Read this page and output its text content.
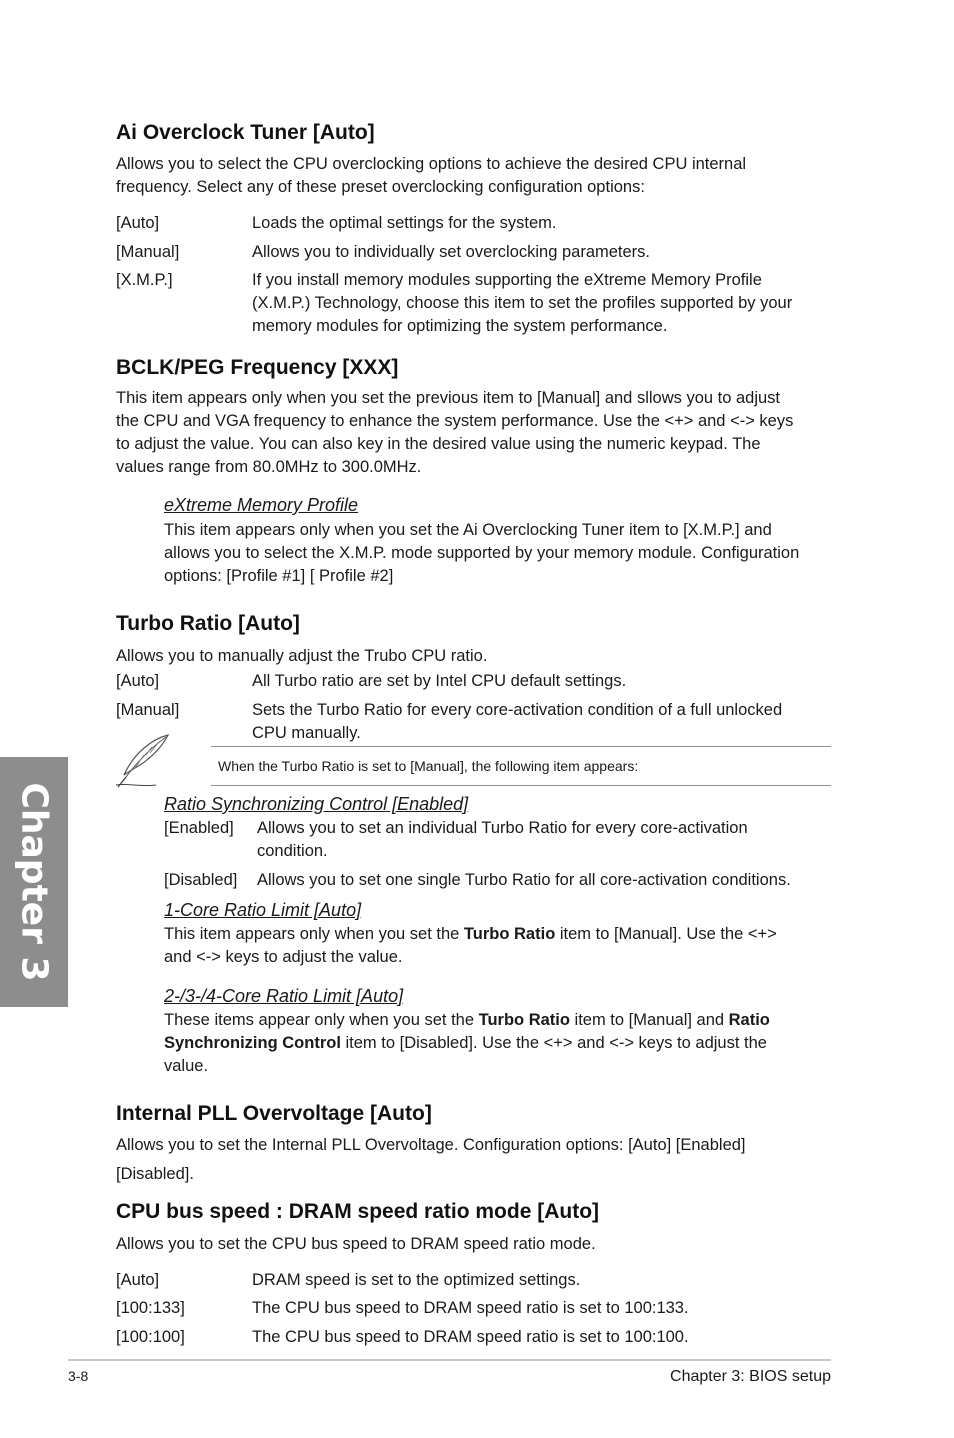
Ai Overclock Tuner [Auto]
Allows you to select the CPU overclocking options to achieve the desired CPU internal
frequency. Select any of these preset overclocking configuration options:
[Auto]	Loads the optimal settings for the system.
[Manual]	Allows you to individually set overclocking parameters.
[X.M.P.]	If you install memory modules supporting the eXtreme Memory Profile
(X.M.P.) Technology, choose this item to set the profiles supported by your
memory modules for optimizing the system performance.
BCLK/PEG Frequency [XXX]
This item appears only when you set the previous item to [Manual] and sllows you to adjust
the CPU and VGA frequency to enhance the system performance. Use the <+> and <-> keys
to adjust the value. You can also key in the desired value using the numeric keypad. The
values range from 80.0MHz to 300.0MHz.
eXtreme Memory Profile
This item appears only when you set the Ai Overclocking Tuner item to [X.M.P.] and
allows you to select the X.M.P. mode supported by your memory module. Configuration
options: [Profile #1] [ Profile #2]
Turbo Ratio [Auto]
Allows you to manually adjust the Trubo CPU ratio.
[Auto]	All Turbo ratio are set by Intel CPU default settings.
[Manual]	Sets the Turbo Ratio for every core-activation condition of a full unlocked
CPU manually.
When the Turbo Ratio is set to [Manual], the following item appears:
Ratio Synchronizing Control [Enabled]
[Enabled] Allows you to set an individual Turbo Ratio for every core-activation
condition.
[Disabled] Allows you to set one single Turbo Ratio for all core-activation conditions.
1-Core Ratio Limit [Auto]
This item appears only when you set the Turbo Ratio item to [Manual]. Use the <+>
and <-> keys to adjust the value.
2-/3-/4-Core Ratio Limit [Auto]
These items appear only when you set the Turbo Ratio item to [Manual] and Ratio
Synchronizing Control item to [Disabled]. Use the <+> and <-> keys to adjust the
value.
Internal PLL Overvoltage [Auto]
Allows you to set the Internal PLL Overvoltage. Configuration options: [Auto] [Enabled]
[Disabled].
CPU bus speed : DRAM speed ratio mode [Auto]
Allows you to set the CPU bus speed to DRAM speed ratio mode.
[Auto]	DRAM speed is set to the optimized settings.
[100:133]	The CPU bus speed to DRAM speed ratio is set to 100:133.
[100:100]	The CPU bus speed to DRAM speed ratio is set to 100:100.
3-8	Chapter 3: BIOS setup
Chapter 3
